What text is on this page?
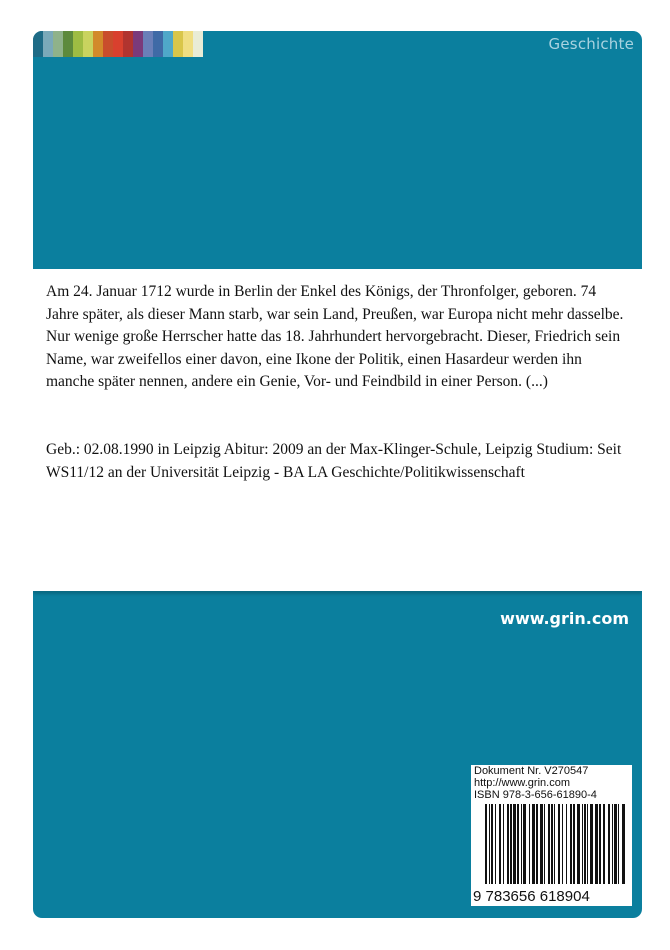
Geschichte

Am 24. Januar 1712 wurde in Berlin der Enkel des Königs, der Thronfolger, geboren. 74 Jahre später, als dieser Mann starb, war sein Land, Preußen, war Europa nicht mehr dasselbe. Nur wenige große Herrscher hatte das 18. Jahrhundert hervorgebracht. Dieser, Friedrich sein Name, war zweifellos einer davon, eine Ikone der Politik, einen Hasardeur werden ihn manche später nennen, andere ein Genie, Vor- und Feindbild in einer Person. (...)

Geb.: 02.08.1990 in Leipzig Abitur: 2009 an der Max-Klinger-Schule, Leipzig Studium: Seit WS11/12 an der Universität Leipzig - BA LA Geschichte/Politikwissenschaft

www.grin.com
Dokument Nr. V270547
http://www.grin.com
ISBN 978-3-656-61890-4
9 783656 618904
